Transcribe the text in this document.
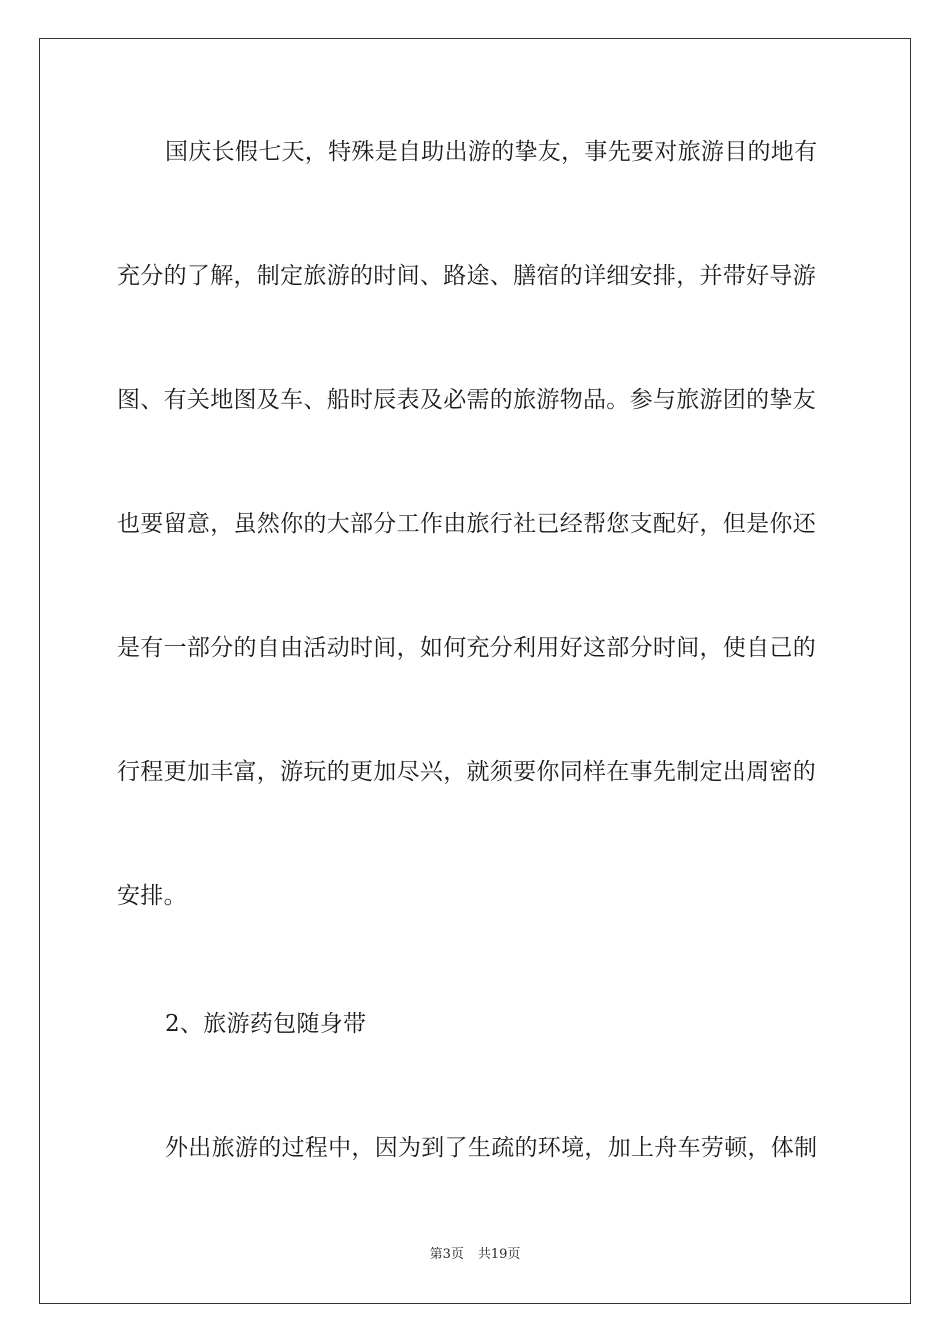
国庆长假七天，特殊是自助出游的挚友，事先要对旅游目的地有
充分的了解，制定旅游的时间、路途、膳宿的详细安排，并带好导游
图、有关地图及车、船时辰表及必需的旅游物品。参与旅游团的挚友
也要留意，虽然你的大部分工作由旅行社已经帮您支配好，但是你还
是有一部分的自由活动时间，如何充分利用好这部分时间，使自己的
行程更加丰富，游玩的更加尽兴，就须要你同样在事先制定出周密的
安排。
2、旅游药包随身带
外出旅游的过程中，因为到了生疏的环境，加上舟车劳顿，体制
第3页 共19页
